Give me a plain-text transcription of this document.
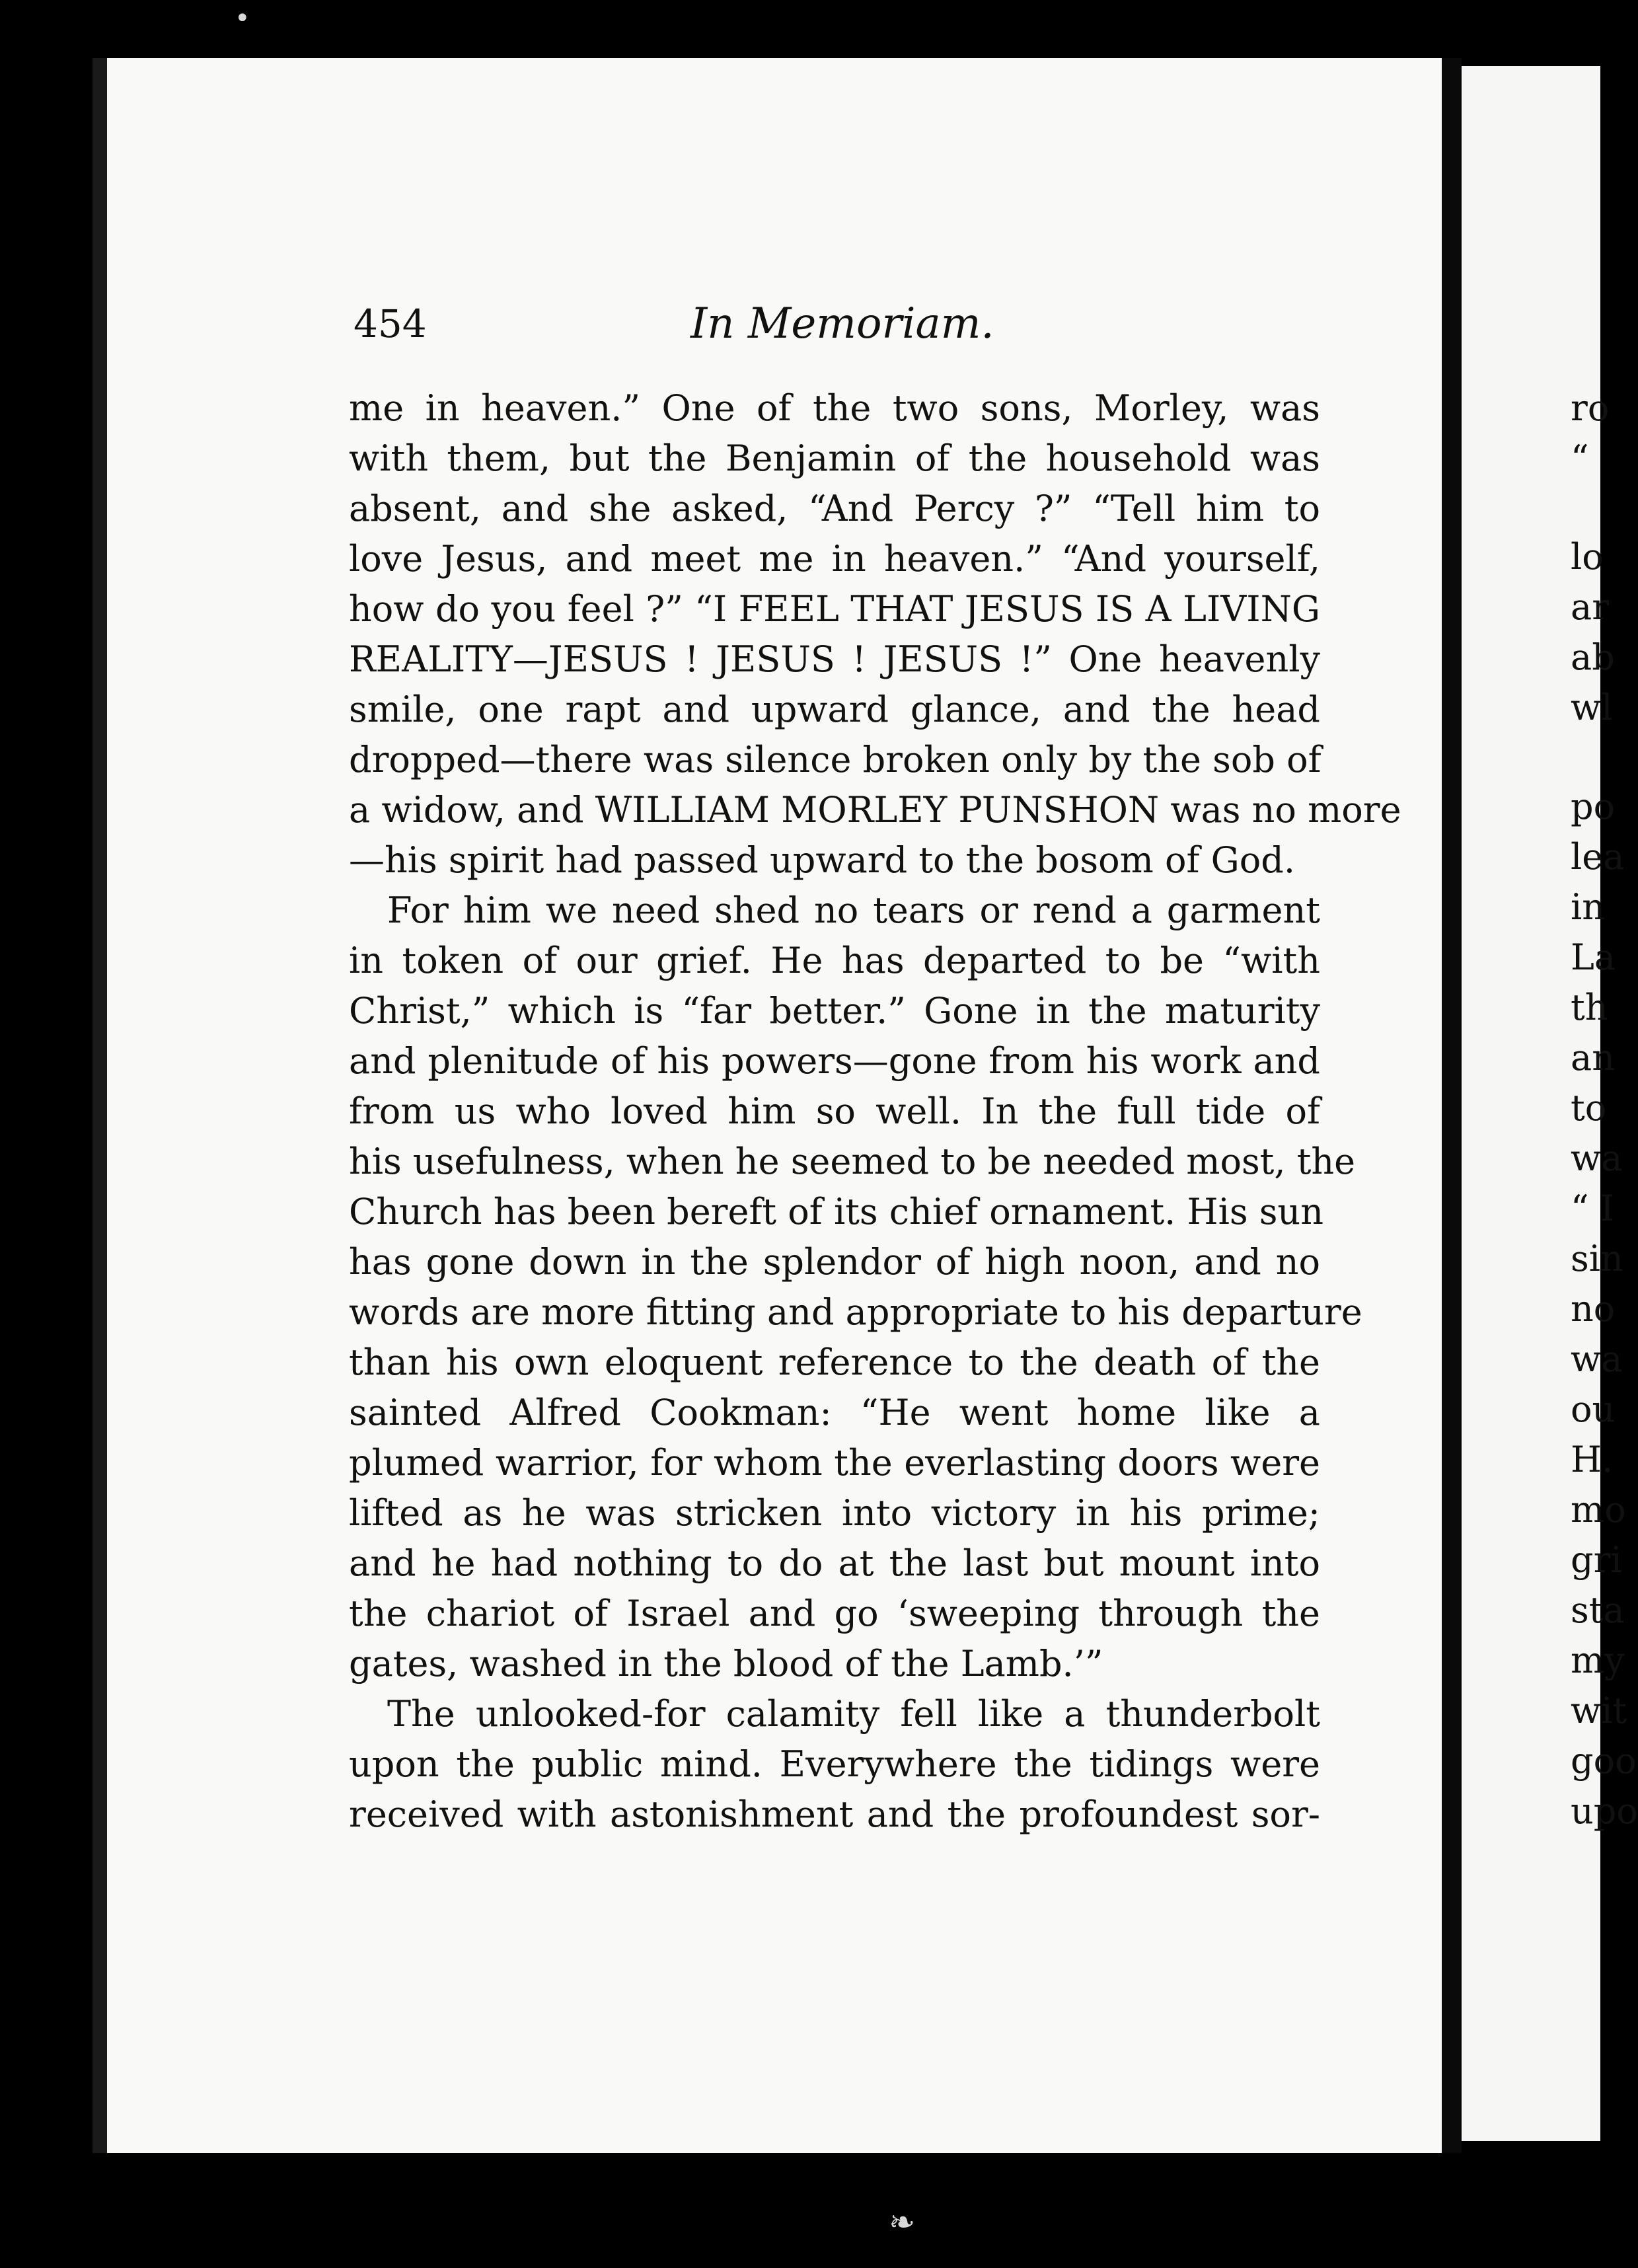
454	In Memoriam.
me in heaven.” One of the two sons, Morley, was
with them, but the Benjamin of the household was
absent, and she asked, “And Percy ?” “Tell him to
love Jesus, and meet me in heaven.” “And yourself,
how do you feel ?” “I FEEL THAT JESUS IS A LIVING
REALITY—JESUS ! JESUS ! JESUS !” One heavenly
smile, one rapt and upward glance, and the head
dropped—there was silence broken only by the sob of
a widow, and WILLIAM MORLEY PUNSHON was no more
—his spirit had passed upward to the bosom of God.
For him we need shed no tears or rend a garment
in token of our grief. He has departed to be “with
Christ,” which is “far better.” Gone in the maturity
and plenitude of his powers—gone from his work and
from us who loved him so well. In the full tide of
his usefulness, when he seemed to be needed most, the
Church has been bereft of its chief ornament. His sun
has gone down in the splendor of high noon, and no
words are more fitting and appropriate to his departure
than his own eloquent reference to the death of the
sainted Alfred Cookman: “He went home like a
plumed warrior, for whom the everlasting doors were
lifted as he was stricken into victory in his prime;
and he had nothing to do at the last but mount into
the chariot of Israel and go ‘sweeping through the
gates, washed in the blood of the Lamb.’”
The unlooked-for calamity fell like a thunderbolt
upon the public mind. Everywhere the tidings were
received with astonishment and the profoundest sor-
ro
“
lo
ar
ab
wl
po
lea
in
La
th
an
to
wa
“ I
sin
no
wa
ou
H.
mo
gri
sta
my
wit
goo
upo
•
❧
